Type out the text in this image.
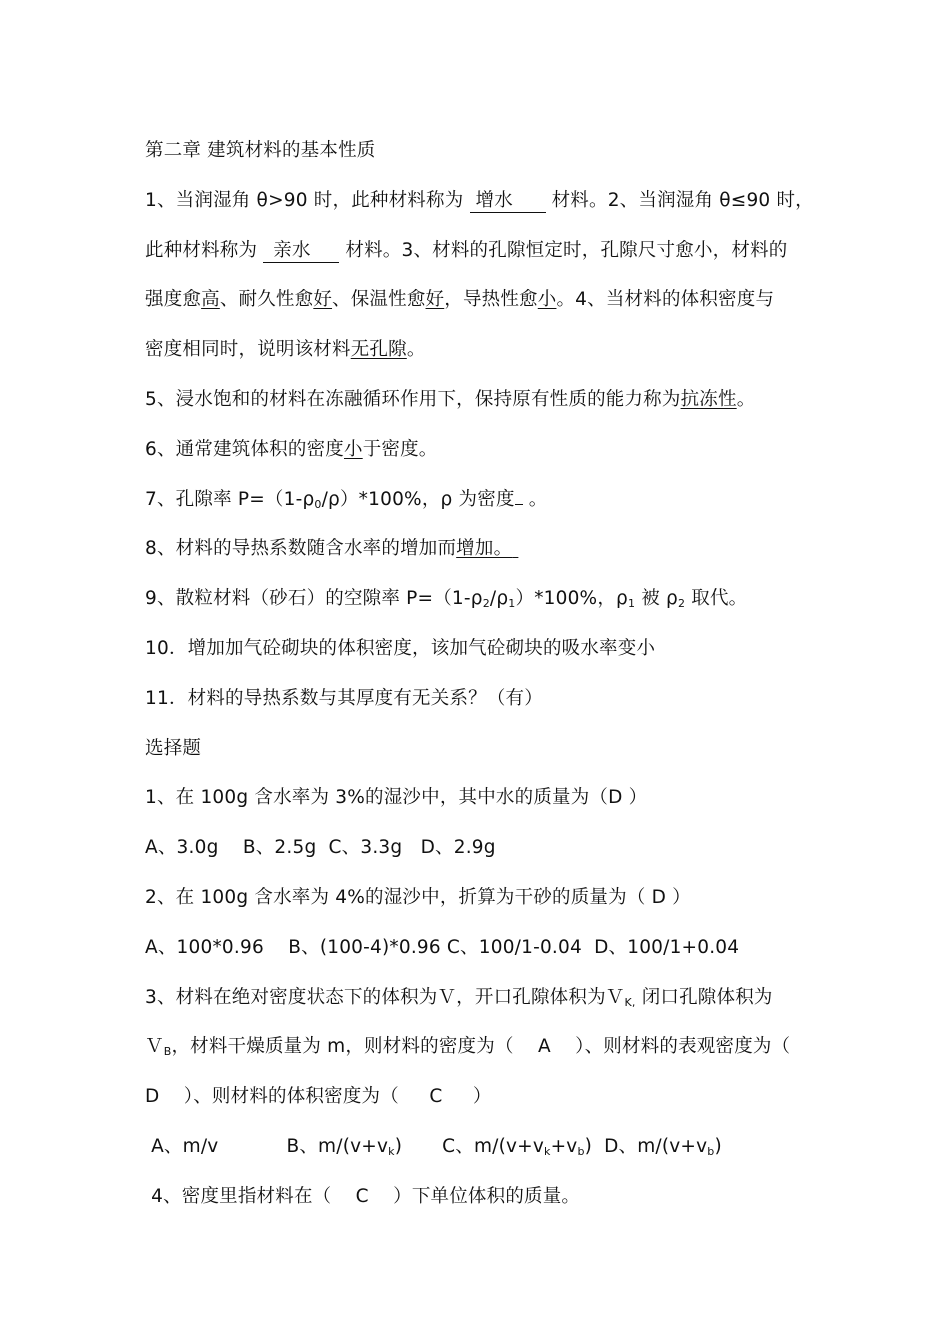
第二章 建筑材料的基本性质
1、当润湿角 θ>90 时，此种材料称为 增水 材料。2、当润湿角 θ≤90 时，
此种材料称为 亲水 材料。3、材料的孔隙恒定时，孔隙尺寸愈小，材料的
强度愈高、耐久性愈好、保温性愈好，导热性愈小。4、当材料的体积密度与
密度相同时，说明该材料无孔隙。
5、浸水饱和的材料在冻融循环作用下，保持原有性质的能力称为抗冻性。
6、通常建筑体积的密度小于密度。
7、孔隙率 $P=(1-\rho_0/\rho)*100\%$，ρ 为密度 。
8、材料的导热系数随含水率的增加而增加。
9、散粒材料（砂石）的空隙率 $P=(1-\rho_2/\rho_1)*100\%$，$\rho_1$ 被 $\rho_2$ 取代。
10．增加加气砼砌块的体积密度，该加气砼砌块的吸水率变小
11．材料的导热系数与其厚度有无关系？（有）
选择题
1、在 100g 含水率为 3%的湿沙中，其中水的质量为（D ）
A、3.0g    B、2.5g  C、3.3g   D、2.9g
2、在 100g 含水率为 4%的湿沙中，折算为干砂的质量为（ D ）
A、100*0.96    B、(100-4)*0.96 C、100/1-0.04  D、100/1+0.04
3、材料在绝对密度状态下的体积为Ｖ，开口孔隙体积为Ｖ$_{K,}$ 闭口孔隙体积为
Ｖ$_B$，材料干燥质量为 m，则材料的密度为（    A    ）、则材料的表观密度为（
D    ）、则材料的体积密度为（     C     ）
A、m/v	B、$m/(v+v_k)$ C、$m/(v+v_k+v_b)$ D、$m/(v+v_b)$
4、密度里指材料在（    C    ）下单位体积的质量。
